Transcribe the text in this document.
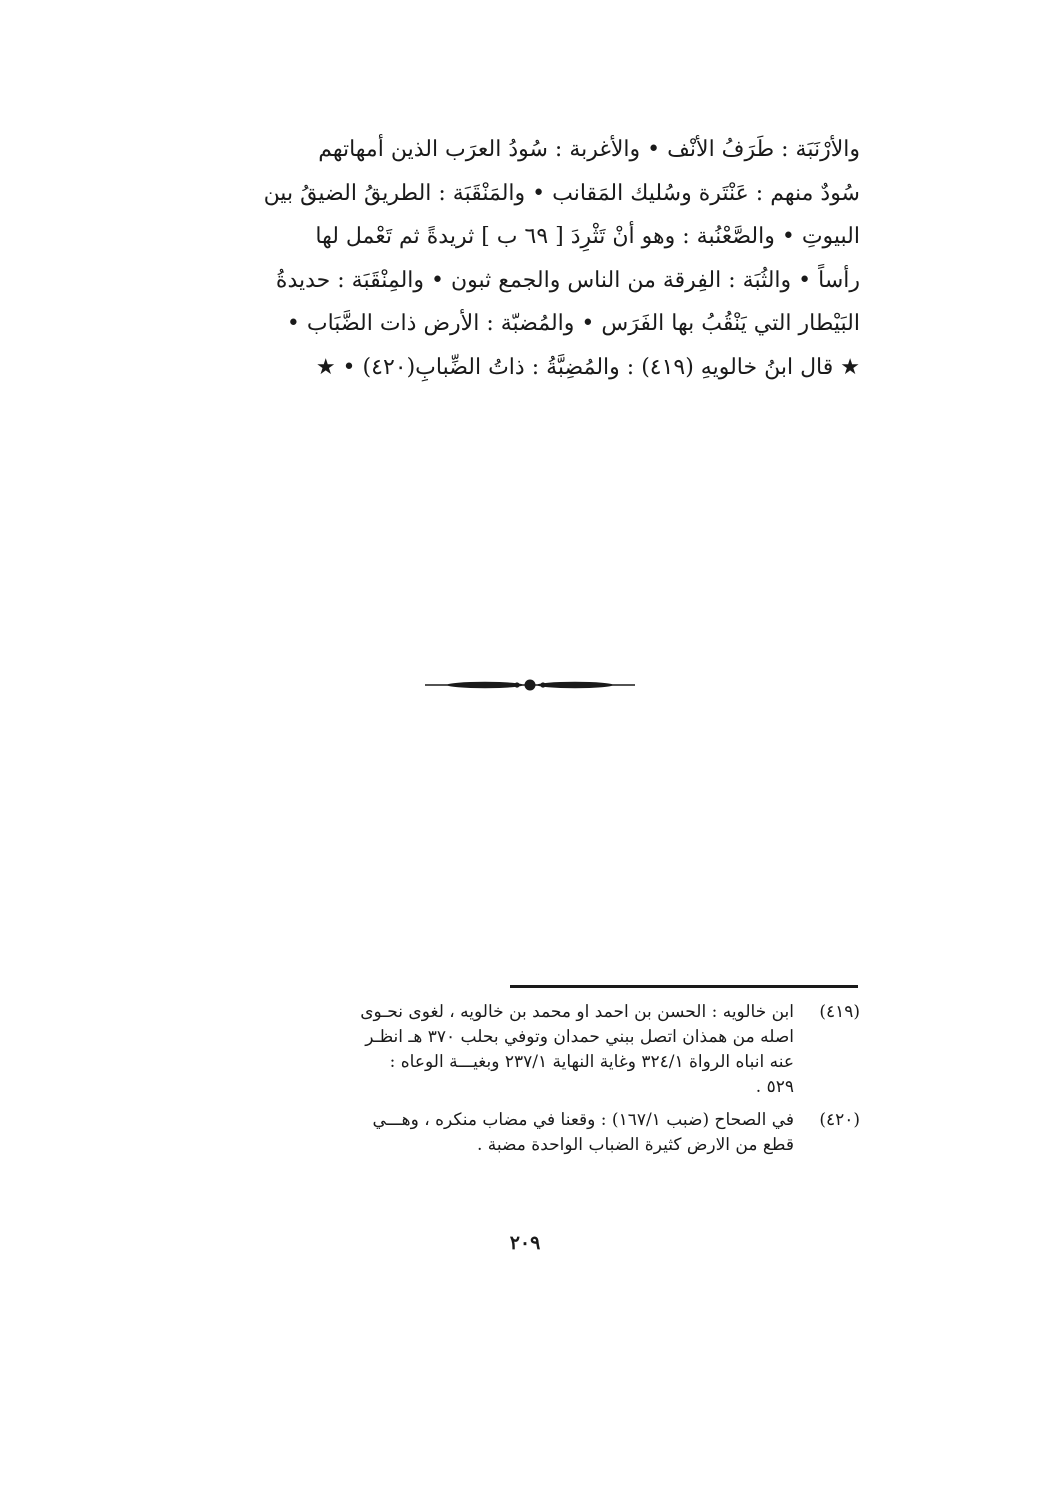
والأرْنَبَة : طَرَفُ الأنْف • والأغربة : سُودُ العرَب الذين أمهاتهم
سُودٌ منهم : عَنْتَرة وسُليك المَقانب • والمَنْقَبَة : الطريقُ الضيقُ بين
البيوتِ • والصَّعْنُبة : وهو أنْ تَثْرِدَ [ ٦٩ ب ] ثريدةً ثم تَعْمل لها
رأساً • والثُبَة : الفِرقة من الناس والجمع ثبون • والمِنْقَبَة : حديدةُ
البَيْطار التي يَنْقُبُ بها الفَرَس • والمُضبّة : الأرض ذات الضَّبَاب •
★ قال ابنُ خالويهِ (٤١٩) : والمُضِبَّةُ : ذاتُ الضِّبابِ(٤٢٠) • ★
(٤١٩)
ابن خالويه : الحسن بن احمد او محمد بن خالويه ، لغوى نحـوى
اصله من همذان اتصل ببني حمدان وتوفي بحلب ٣٧٠ هـ انظـر
عنه انباه الرواة ٣٢٤/١ وغاية النهاية ٢٣٧/١ وبغيـــة الوعاه :
٥٢٩ .
(٤٢٠)
في الصحاح (ضبب ١٦٧/١) : وقعنا في مضاب منكره ، وهـــي
قطع من الارض كثيرة الضباب الواحدة مضبة .
٢٠٩
